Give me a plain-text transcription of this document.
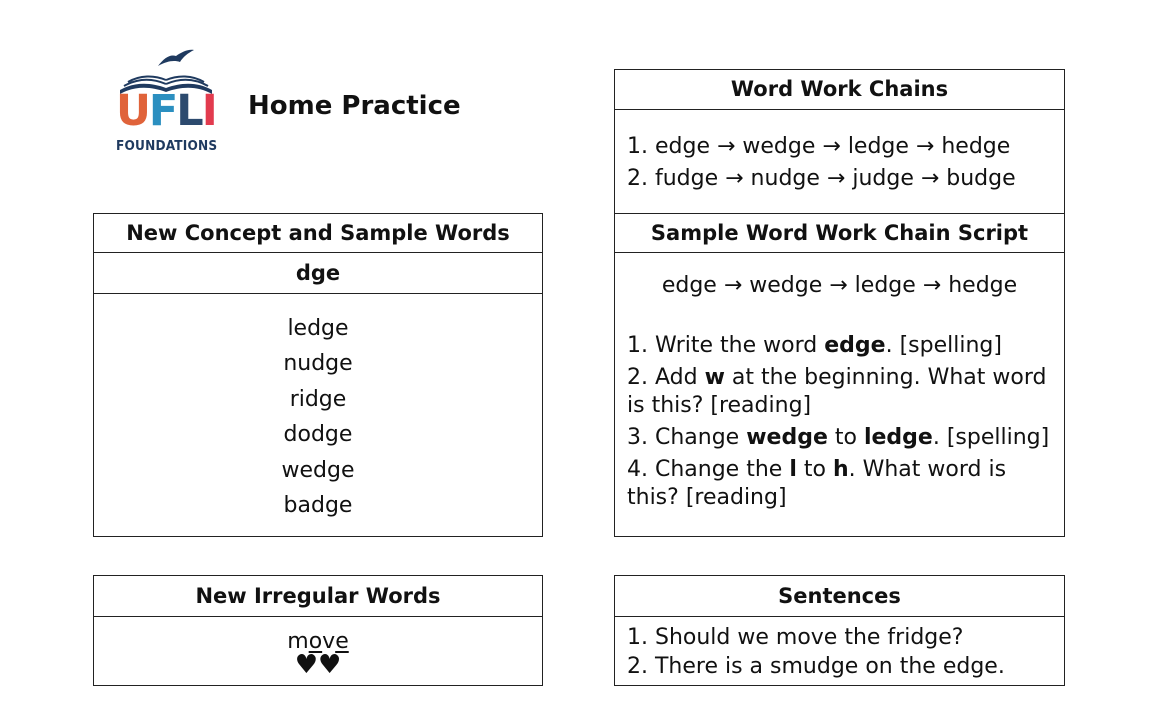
UFLI
FOUNDATIONS
Home Practice
New Concept and Sample Words
dge
ledge
nudge
ridge
dodge
wedge
badge
New Irregular Words
move
♥♥
Word Work Chains
1. edge → wedge → ledge → hedge
2. fudge → nudge → judge → budge
Sample Word Work Chain Script
edge → wedge → ledge → hedge
1. Write the word edge. [spelling]
2. Add w at the beginning. What word is this? [reading]
3. Change wedge to ledge. [spelling]
4. Change the l to h. What word is this? [reading]
Sentences
1. Should we move the fridge?
2. There is a smudge on the edge.
